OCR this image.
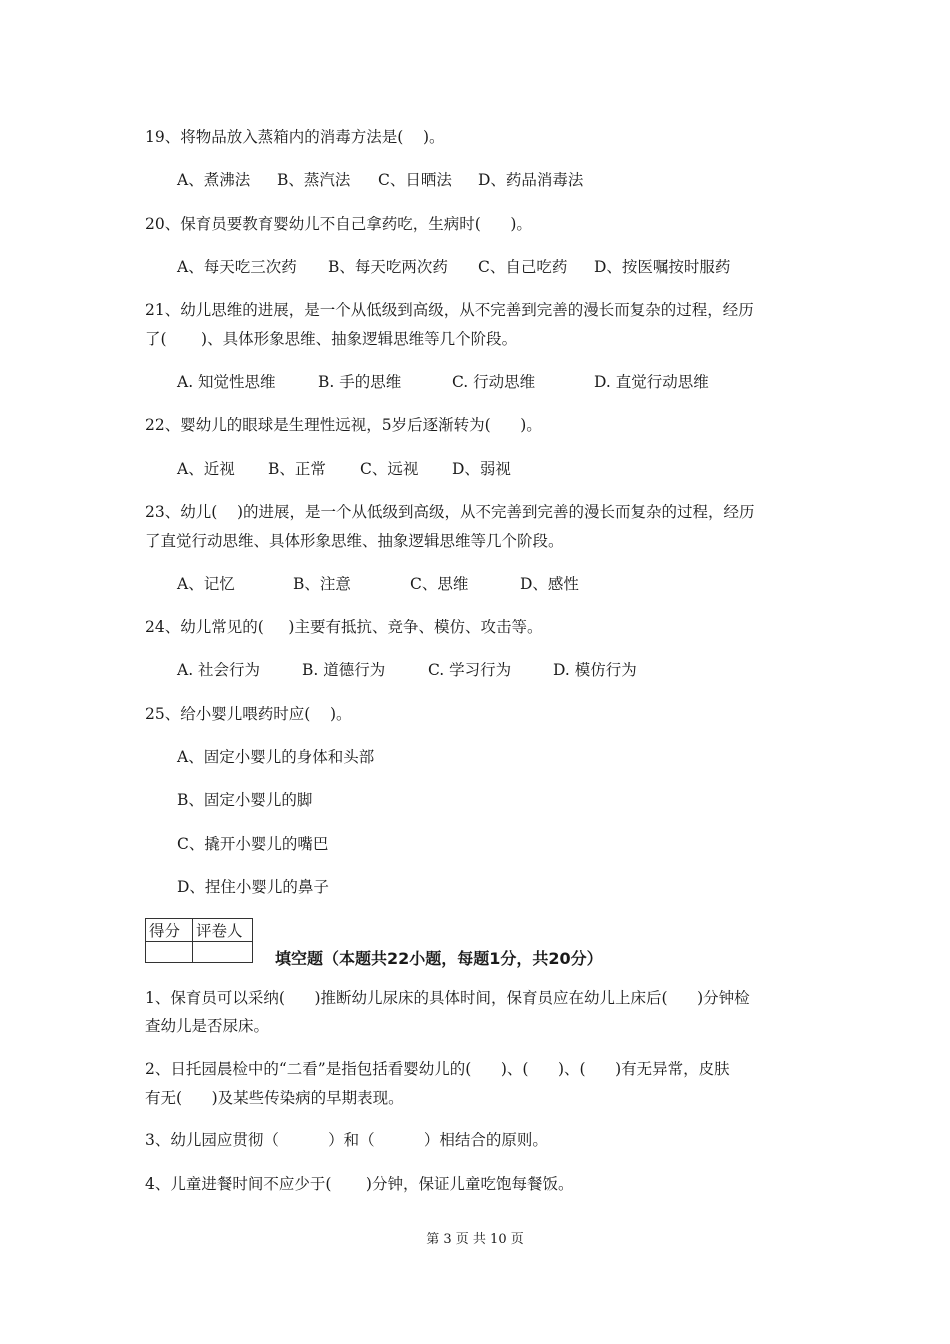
19、将物品放入蒸箱内的消毒方法是(    )。
A、煮沸法 B、蒸汽法 C、日晒法 D、药品消毒法
20、保育员要教育婴幼儿不自己拿药吃，生病时(      )。
A、每天吃三次药 B、每天吃两次药 C、自己吃药 D、按医嘱按时服药
21、幼儿思维的进展，是一个从低级到高级，从不完善到完善的漫长而复杂的过程，经历
了(       )、具体形象思维、抽象逻辑思维等几个阶段。
A. 知觉性思维	B. 手的思维	C. 行动思维	D. 直觉行动思维
22、婴幼儿的眼球是生理性远视，5岁后逐渐转为(      )。
A、近视 B、正常 C、远视 D、弱视
23、幼儿(    )的进展，是一个从低级到高级，从不完善到完善的漫长而复杂的过程，经历
了直觉行动思维、具体形象思维、抽象逻辑思维等几个阶段。
A、记忆	B、注意	C、思维	D、感性
24、幼儿常见的(     )主要有抵抗、竞争、模仿、攻击等。
A. 社会行为	B. 道德行为	C. 学习行为	D. 模仿行为
25、给小婴儿喂药时应(    )。
A、固定小婴儿的身体和头部
B、固定小婴儿的脚
C、撬开小婴儿的嘴巴
D、捏住小婴儿的鼻子
得分	评卷人

填空题（本题共22小题，每题1分，共20分）
1、保育员可以采纳(      )推断幼儿尿床的具体时间，保育员应在幼儿上床后(      )分钟检
查幼儿是否尿床。
2、日托园晨检中的“二看”是指包括看婴幼儿的(      )、(      )、(      )有无异常，皮肤
有无(      )及某些传染病的早期表现。
3、幼儿园应贯彻（          ）和（          ）相结合的原则。
4、儿童进餐时间不应少于(       )分钟，保证儿童吃饱每餐饭。
第 3 页 共 10 页
